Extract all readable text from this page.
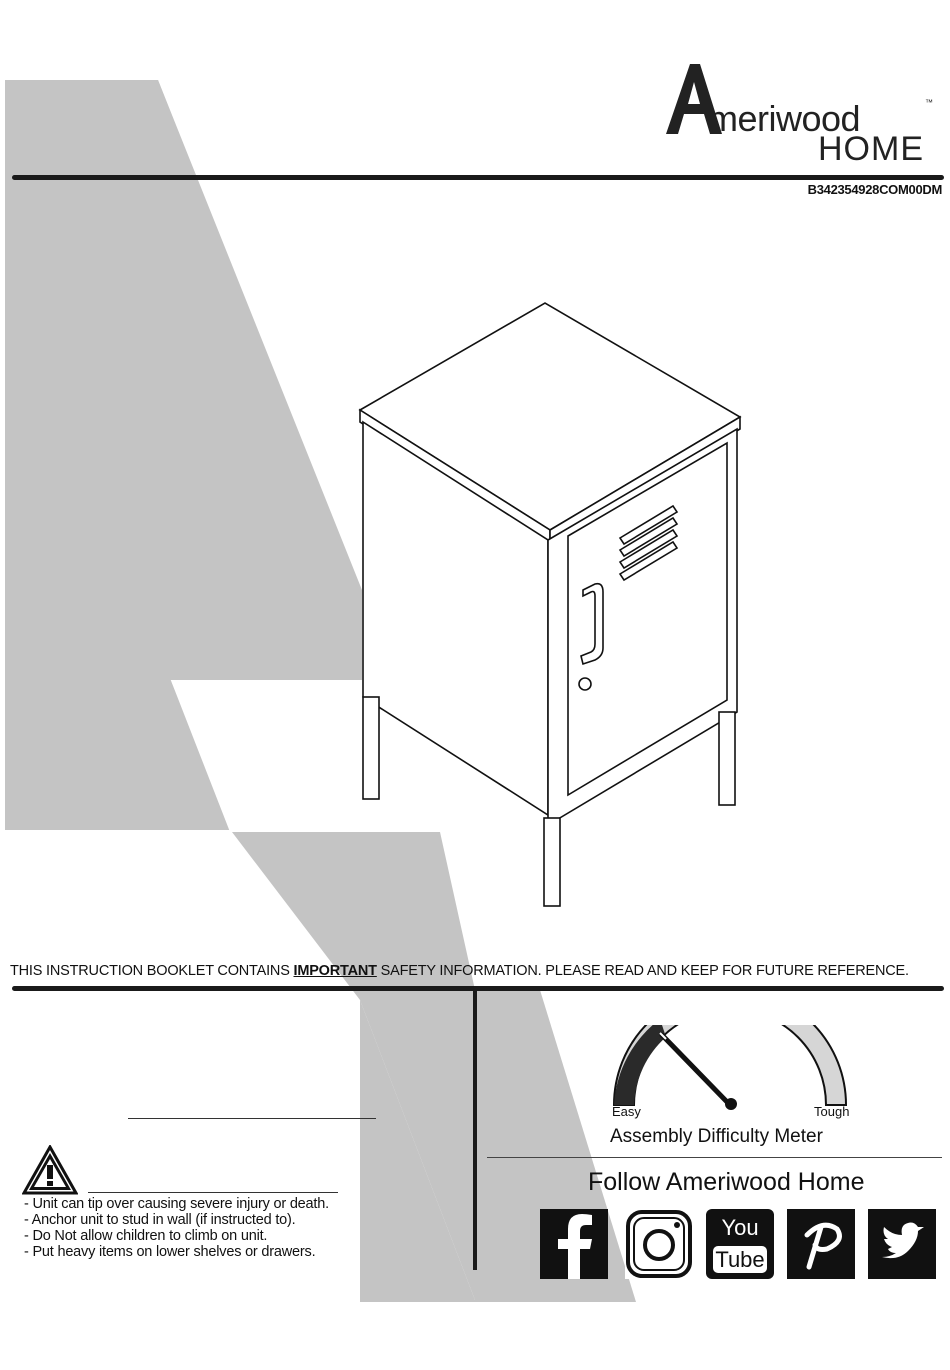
meriwood	™
HOME
B342354928COM00DM
THIS INSTRUCTION BOOKLET CONTAINS IMPORTANT SAFETY INFORMATION. PLEASE READ AND KEEP FOR FUTURE REFERENCE.
- Unit can tip over causing severe injury or death.
- Anchor unit to stud in wall (if instructed to).
- Do Not allow children to climb on unit.
- Put heavy items on lower shelves or drawers.
Easy	Tough
Assembly Difficulty Meter
Follow Ameriwood Home
You
Tube
